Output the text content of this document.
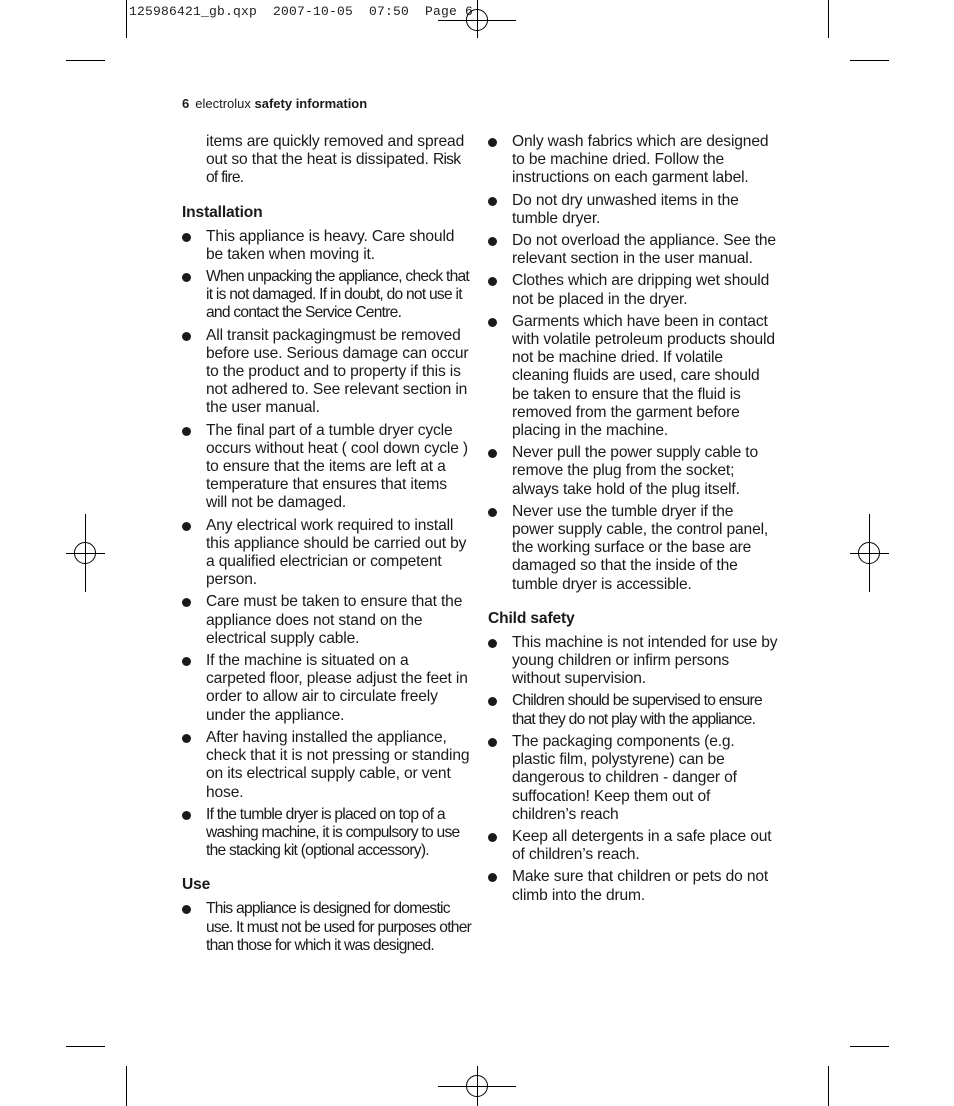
125986421_gb.qxp  2007-10-05  07:50  Page 6
6 electrolux safety information

items are quickly removed and spread out so that the heat is dissipated. Risk of fire.

Installation
This appliance is heavy. Care should be taken when moving it.
When unpacking the appliance, check that it is not damaged. If in doubt, do not use it and contact the Service Centre.
All transit packagingmust be removed before use. Serious damage can occur to the product and to property if this is not adhered to. See relevant section in the user manual.
The final part of a tumble dryer cycle occurs without heat ( cool down cycle ) to ensure that the items are left at a temperature that ensures that items will not be damaged.
Any electrical work required to install this appliance should be carried out by a qualified electrician or competent person.
Care must be taken to ensure that the appliance does not stand on the electrical supply cable.
If the machine is situated on a carpeted floor, please adjust the feet in order to allow air to circulate freely under the appliance.
After having installed the appliance, check that it is not pressing or standing on its electrical supply cable, or vent hose.
If the tumble dryer is placed on top of a washing machine, it is compulsory to use the stacking kit (optional accessory).
Use
This appliance is designed for domestic use. It must not be used for purposes other than those for which it was designed.
Only wash fabrics which are designed to be machine dried. Follow the instructions on each garment label.
Do not dry unwashed items in the tumble dryer.
Do not overload the appliance. See the relevant section in the user manual.
Clothes which are dripping wet should not be placed in the dryer.
Garments which have been in contact with volatile petroleum products should not be machine dried. If volatile cleaning fluids are used, care should be taken to ensure that the fluid is removed from the garment before placing in the machine.
Never pull the power supply cable to remove the plug from the socket; always take hold of the plug itself.
Never use the tumble dryer if the power supply cable, the control panel, the working surface or the base are damaged so that the inside of the tumble dryer is accessible.
Child safety
This machine is not intended for use by young children or infirm persons without supervision.
Children should be supervised to ensure that they do not play with the appliance.
The packaging components (e.g. plastic film, polystyrene) can be dangerous to children - danger of suffocation! Keep them out of children’s reach
Keep all detergents in a safe place out of children’s reach.
Make sure that children or pets do not climb into the drum.
